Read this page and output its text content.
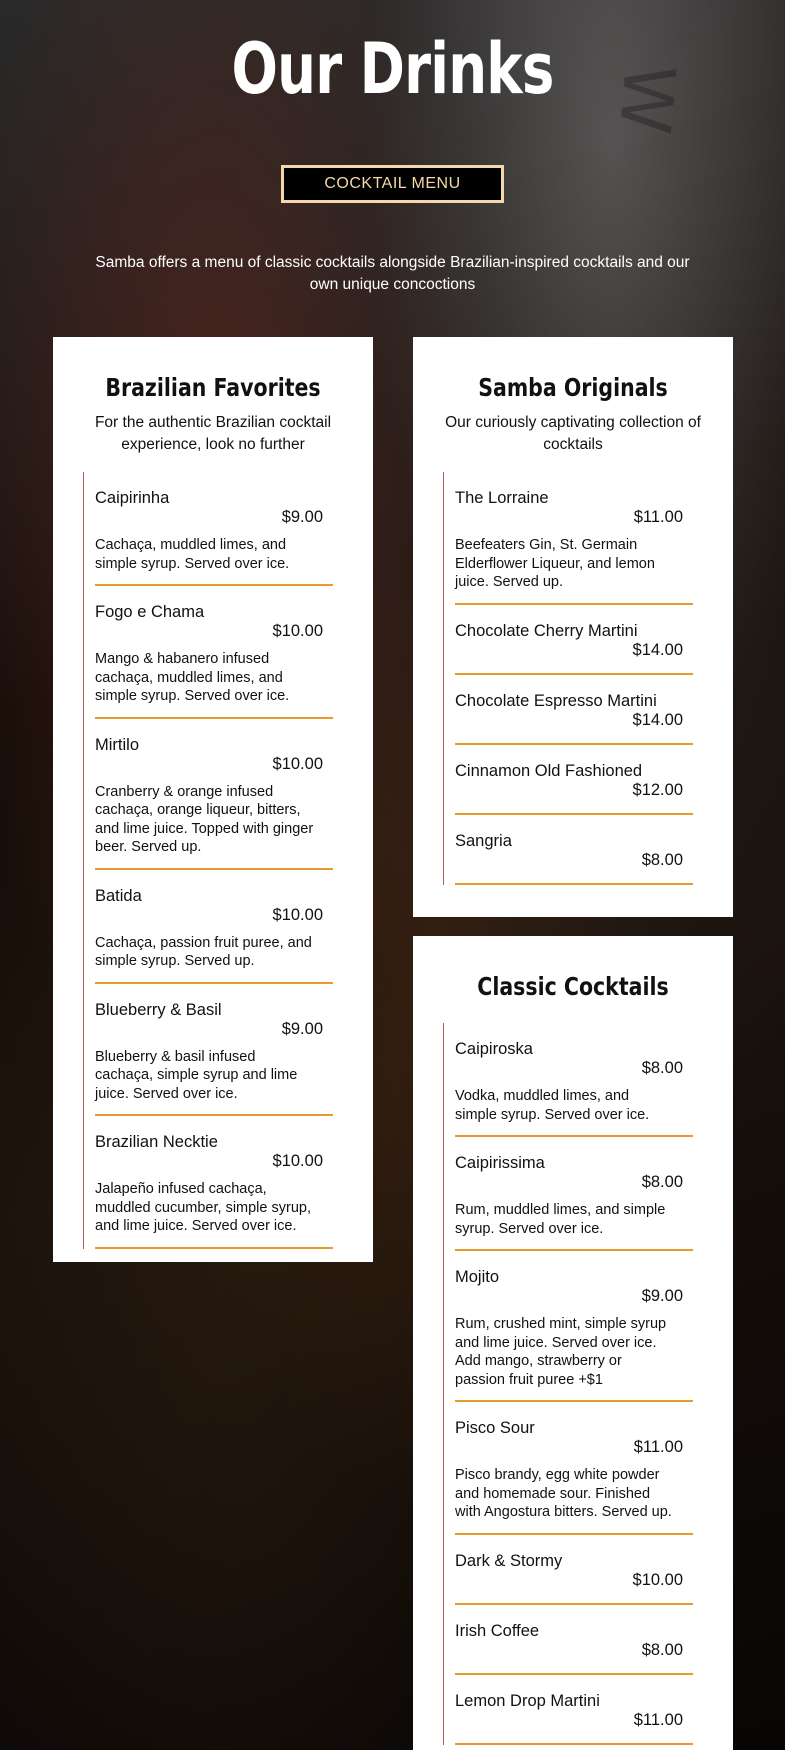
W
Our Drinks
COCKTAIL MENU

Samba offers a menu of classic cocktails alongside Brazilian-inspired cocktails and our own unique concoctions

Brazilian Favorites

For the authentic Brazilian cocktail experience, look no further

Caipirinha
$9.00
Cachaça, muddled limes, and simple syrup. Served over ice.
Fogo e Chama
$10.00
Mango & habanero infused cachaça, muddled limes, and simple syrup. Served over ice.
Mirtilo
$10.00
Cranberry & orange infused cachaça, orange liqueur, bitters, and lime juice. Topped with ginger beer. Served up.
Batida
$10.00
Cachaça, passion fruit puree, and simple syrup. Served up.
Blueberry & Basil
$9.00
Blueberry & basil infused cachaça, simple syrup and lime juice. Served over ice.
Brazilian Necktie
$10.00
Jalapeño infused cachaça, muddled cucumber, simple syrup, and lime juice. Served over ice.
Samba Originals

Our curiously captivating collection of cocktails

The Lorraine
$11.00
Beefeaters Gin, St. Germain Elderflower Liqueur, and lemon juice. Served up.
Chocolate Cherry Martini
$14.00
Chocolate Espresso Martini
$14.00
Cinnamon Old Fashioned
$12.00
Sangria
$8.00
Classic Cocktails
Caipiroska
$8.00
Vodka, muddled limes, and simple syrup. Served over ice.
Caipirissima
$8.00
Rum, muddled limes, and simple syrup. Served over ice.
Mojito
$9.00
Rum, crushed mint, simple syrup and lime juice. Served over ice.
Add mango, strawberry or passion fruit puree +$1
Pisco Sour
$11.00
Pisco brandy, egg white powder and homemade sour. Finished with Angostura bitters. Served up.
Dark & Stormy
$10.00
Irish Coffee
$8.00
Lemon Drop Martini
$11.00
